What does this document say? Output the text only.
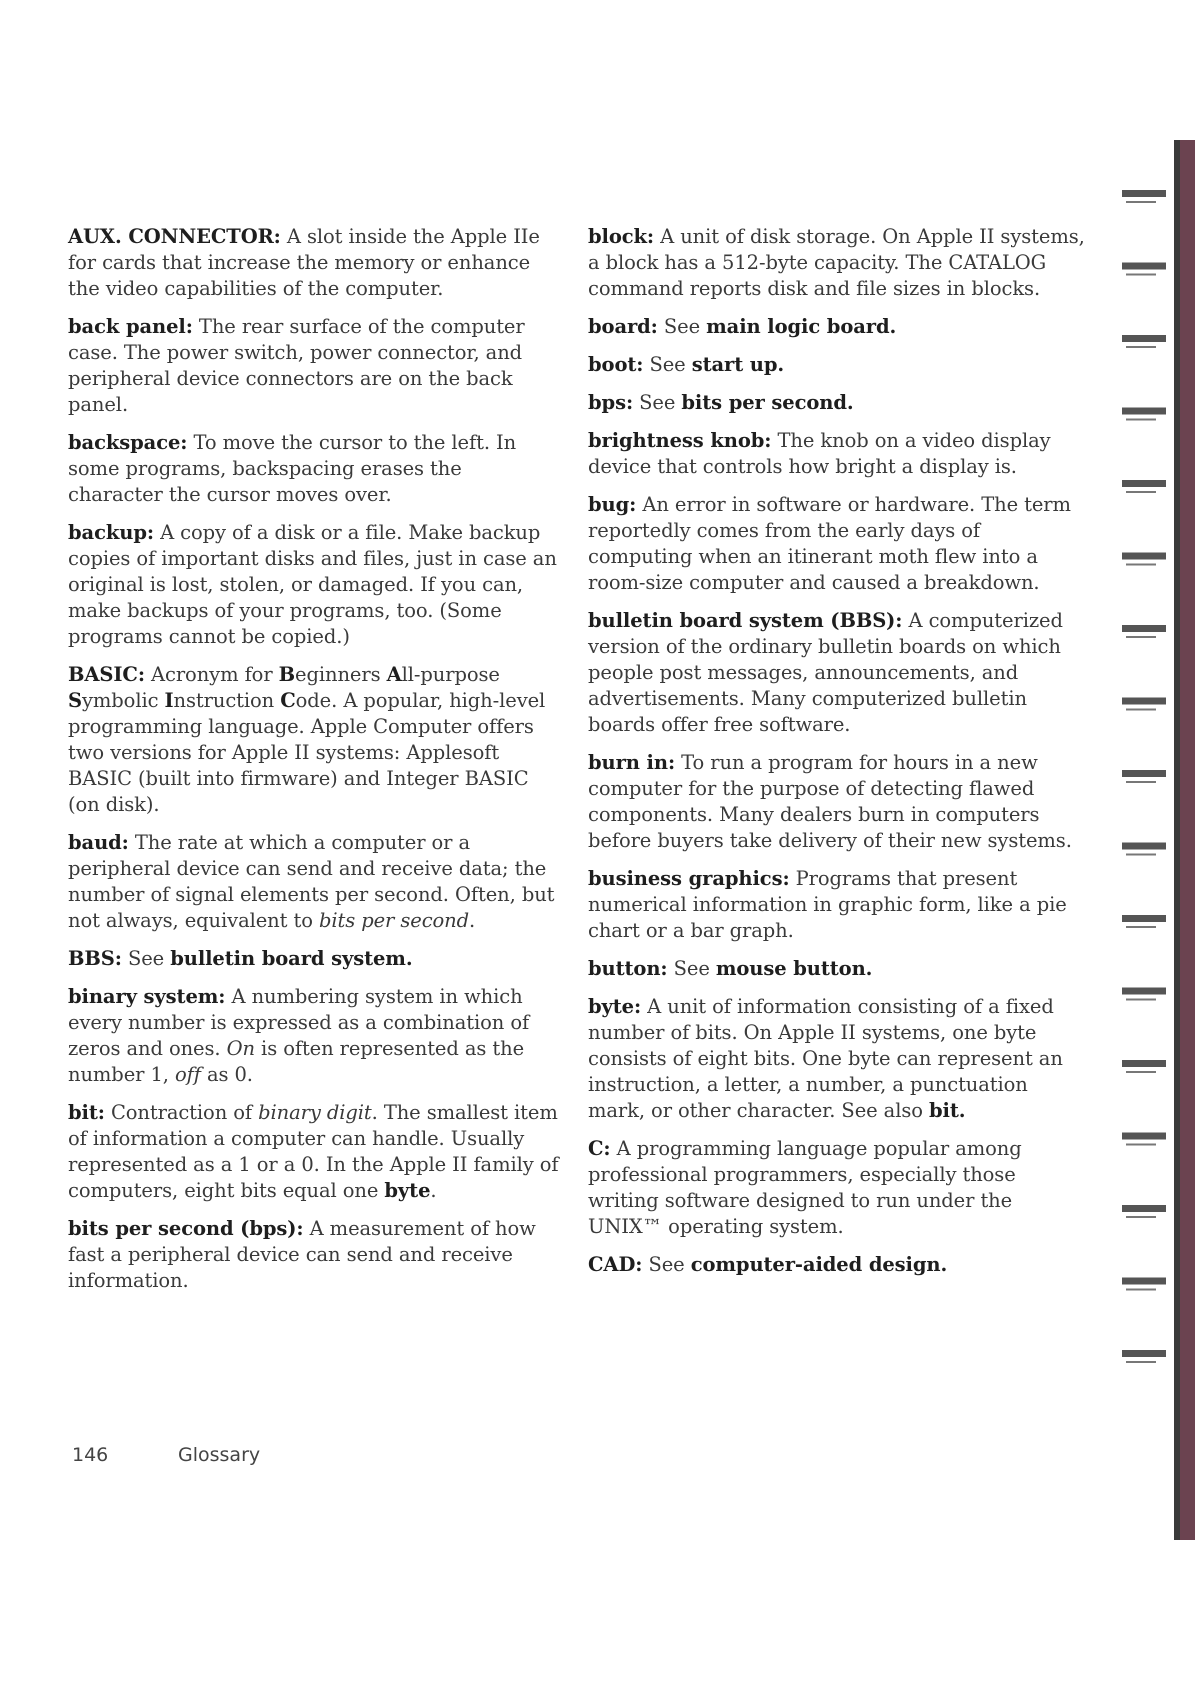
AUX. CONNECTOR: A slot inside the Apple IIe for cards that increase the memory or enhance the video capabilities of the computer.

back panel: The rear surface of the computer case. The power switch, power connector, and peripheral device connectors are on the back panel.

backspace: To move the cursor to the left. In some programs, backspacing erases the character the cursor moves over.

backup: A copy of a disk or a file. Make backup copies of important disks and files, just in case an original is lost, stolen, or damaged. If you can, make backups of your programs, too. (Some programs cannot be copied.)

BASIC: Acronym for Beginners All-purpose Symbolic Instruction Code. A popular, high-level programming language. Apple Computer offers two versions for Apple II systems: Applesoft BASIC (built into firmware) and Integer BASIC (on disk).

baud: The rate at which a computer or a peripheral device can send and receive data; the number of signal elements per second. Often, but not always, equivalent to bits per second.

BBS: See bulletin board system.

binary system: A numbering system in which every number is expressed as a combination of zeros and ones. On is often represented as the number 1, off as 0.

bit: Contraction of binary digit. The smallest item of information a computer can handle. Usually represented as a 1 or a 0. In the Apple II family of computers, eight bits equal one byte.

bits per second (bps): A measurement of how fast a peripheral device can send and receive information.

block: A unit of disk storage. On Apple II systems, a block has a 512-byte capacity. The CATALOG command reports disk and file sizes in blocks.

board: See main logic board.

boot: See start up.

bps: See bits per second.

brightness knob: The knob on a video display device that controls how bright a display is.

bug: An error in software or hardware. The term reportedly comes from the early days of computing when an itinerant moth flew into a room-size computer and caused a breakdown.

bulletin board system (BBS): A computerized version of the ordinary bulletin boards on which people post messages, announcements, and advertisements. Many computerized bulletin boards offer free software.

burn in: To run a program for hours in a new computer for the purpose of detecting flawed components. Many dealers burn in computers before buyers take delivery of their new systems.

business graphics: Programs that present numerical information in graphic form, like a pie chart or a bar graph.

button: See mouse button.

byte: A unit of information consisting of a fixed number of bits. On Apple II systems, one byte consists of eight bits. One byte can represent an instruction, a letter, a number, a punctuation mark, or other character. See also bit.

C: A programming language popular among professional programmers, especially those writing software designed to run under the UNIX™ operating system.

CAD: See computer-aided design.

146	Glossary
